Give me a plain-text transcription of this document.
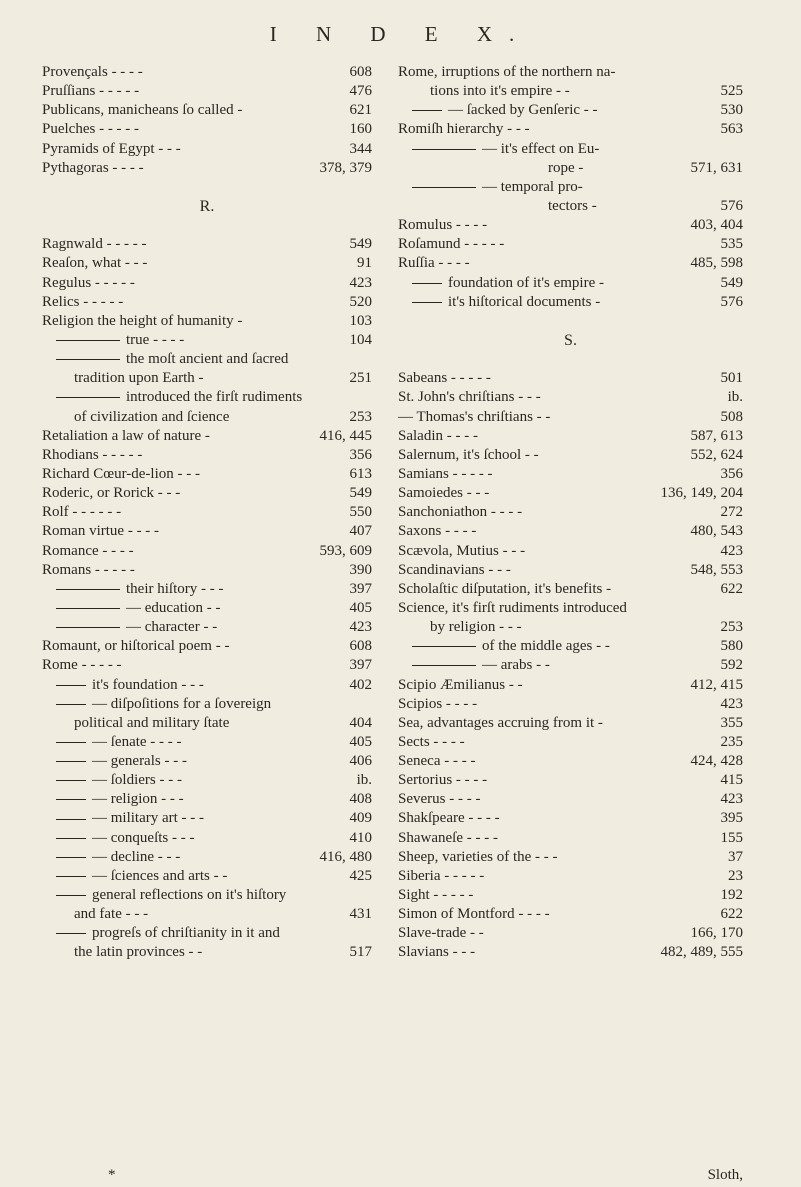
I N D E X.
Provençals - - - -	608
Pruſſians - - - - -	476
Publicans, manicheans ſo called -	621
Puelches - - - - -	160
Pyramids of Egypt - - -	344
Pythagoras - - - -	378, 379
R.
Ragnwald - - - - -	549
Reaſon, what - - -	91
Regulus - - - - -	423
Relics - - - - -	520
Religion the height of humanity -	103
true - - - -	104
the moſt ancient and ſacred
tradition upon Earth -	251
introduced the firſt rudiments
of civilization and ſcience	253
Retaliation a law of nature -	416, 445
Rhodians - - - - -	356
Richard Cœur-de-lion - - -	613
Roderic, or Rorick - - -	549
Rolf - - - - - -	550
Roman virtue - - - -	407
Romance - - - -	593, 609
Romans - - - - -	390
their hiſtory - - -	397
— education - -	405
— character - -	423
Romaunt, or hiſtorical poem - -	608
Rome - - - - -	397
it's foundation - - -	402
— diſpoſitions for a ſovereign
political and military ſtate	404
— ſenate - - - -	405
— generals - - -	406
— ſoldiers - - -	ib.
— religion - - -	408
— military art - - -	409
— conqueſts - - -	410
— decline - - -	416, 480
— ſciences and arts - -	425
general reflections on it's hiſtory
and fate - - -	431
progreſs of chriſtianity in it and
the latin provinces - -	517
Rome, irruptions of the northern na-
tions into it's empire - -	525
— ſacked by Genſeric - -	530
Romiſh hierarchy - - -	563
— it's effect on Eu-
rope -	571, 631
— temporal pro-
tectors -	576
Romulus - - - -	403, 404
Roſamund - - - - -	535
Ruſſia - - - -	485, 598
foundation of it's empire -	549
it's hiſtorical documents -	576
S.
Sabeans - - - - -	501
St. John's chriſtians - - -	ib.
— Thomas's chriſtians - -	508
Saladin - - - -	587, 613
Salernum, it's ſchool - -	552, 624
Samians - - - - -	356
Samoiedes - - -	136, 149, 204
Sanchoniathon - - - -	272
Saxons - - - -	480, 543
Scævola, Mutius - - -	423
Scandinavians - - -	548, 553
Scholaſtic diſputation, it's benefits -	622
Science, it's firſt rudiments introduced
by religion - - -	253
of the middle ages - -	580
— arabs - -	592
Scipio Æmilianus - -	412, 415
Scipios - - - -	423
Sea, advantages accruing from it -	355
Sects - - - -	235
Seneca - - - -	424, 428
Sertorius - - - -	415
Severus - - - -	423
Shakſpeare - - - -	395
Shawaneſe - - - -	155
Sheep, varieties of the - - -	37
Siberia - - - - -	23
Sight - - - - -	192
Simon of Montford - - - -	622
Slave-trade - -	166, 170
Slavians - - -	482, 489, 555
*	Sloth,
